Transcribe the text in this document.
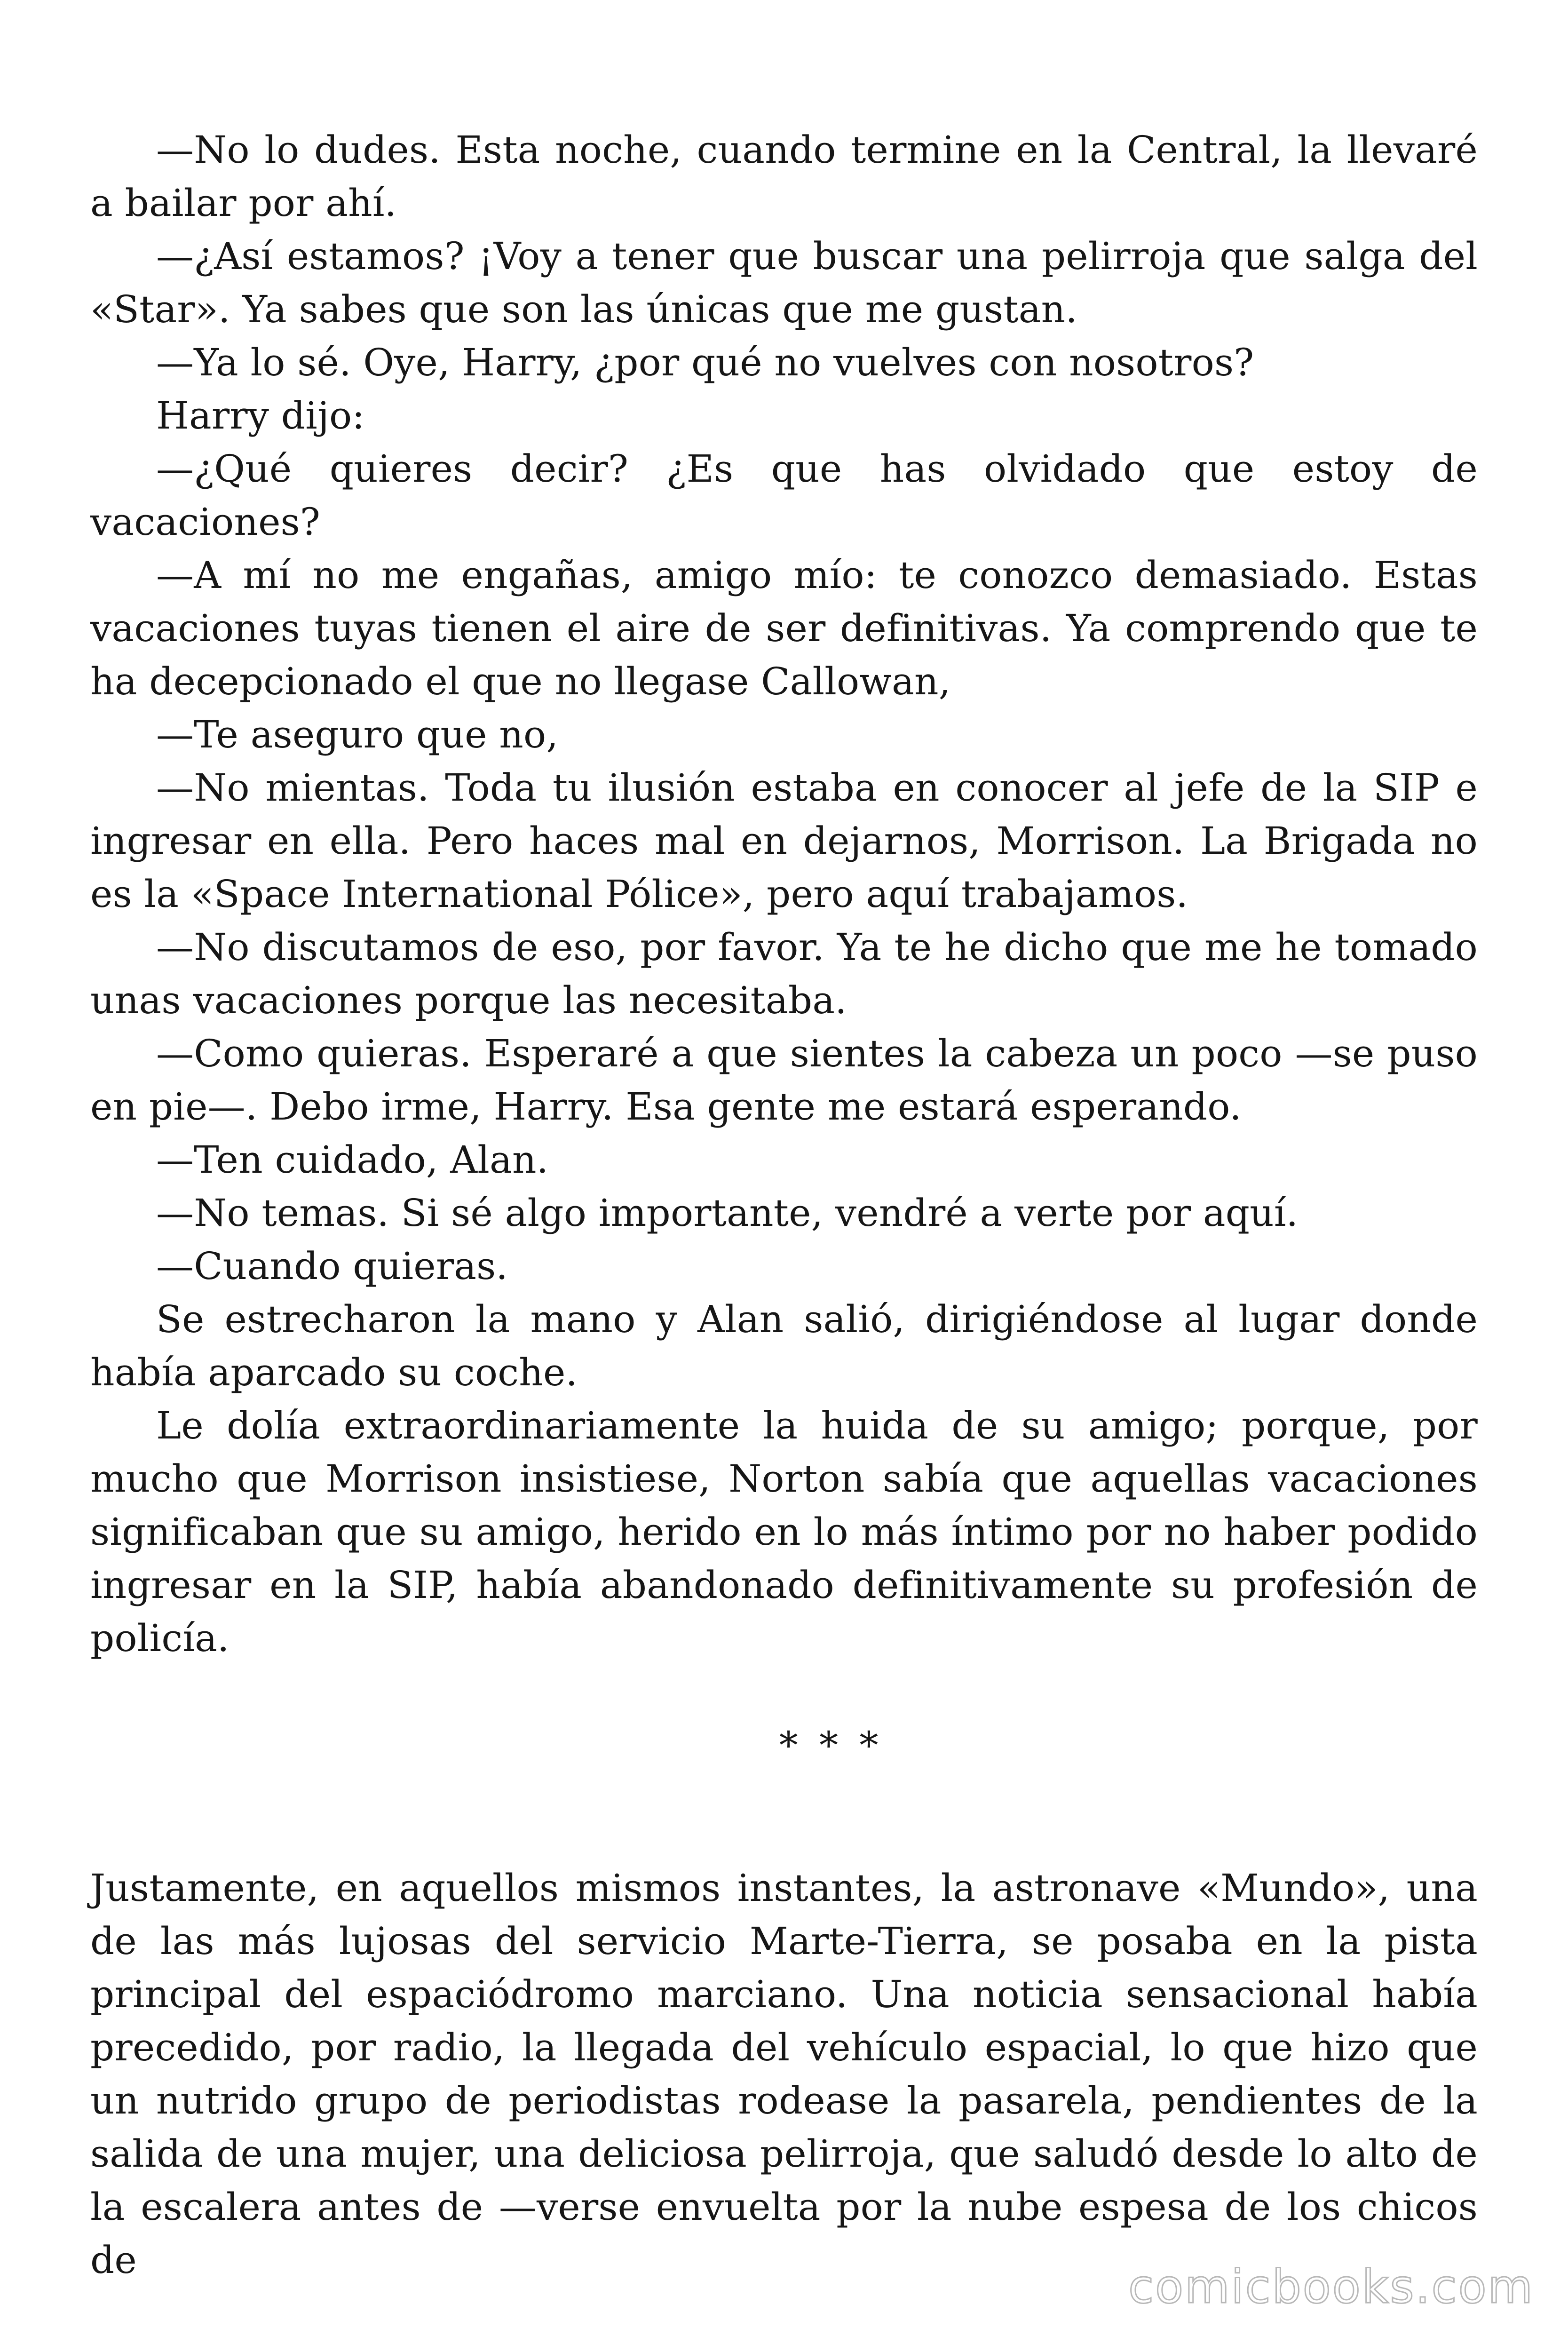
—No lo dudes. Esta noche, cuando termine en la Central, la llevaré a bailar por ahí.

—¿Así estamos? ¡Voy a tener que buscar una pelirroja que salga del «Star». Ya sabes que son las únicas que me gustan.

—Ya lo sé. Oye, Harry, ¿por qué no vuelves con nosotros?

Harry dijo:

—¿Qué quieres decir? ¿Es que has olvidado que estoy de vacaciones?

—A mí no me engañas, amigo mío: te conozco demasiado. Estas vacaciones tuyas tienen el aire de ser definitivas. Ya comprendo que te ha decepcionado el que no llegase Callowan,

—Te aseguro que no,

—No mientas. Toda tu ilusión estaba en conocer al jefe de la SIP e ingresar en ella. Pero haces mal en dejarnos, Morrison. La Brigada no es la «Space International Pólice», pero aquí trabajamos.

—No discutamos de eso, por favor. Ya te he dicho que me he tomado unas vacaciones porque las necesitaba.

—Como quieras. Esperaré a que sientes la cabeza un poco —se puso en pie—. Debo irme, Harry. Esa gente me estará esperando.

—Ten cuidado, Alan.

—No temas. Si sé algo importante, vendré a verte por aquí.

—Cuando quieras.

Se estrecharon la mano y Alan salió, dirigiéndose al lugar donde había aparcado su coche.

Le dolía extraordinariamente la huida de su amigo; porque, por mucho que Morrison insistiese, Norton sabía que aquellas vacaciones significaban que su amigo, herido en lo más íntimo por no haber podido ingresar en la SIP, había abandonado definitivamente su profesión de policía.

* * *

Justamente, en aquellos mismos instantes, la astronave «Mundo», una de las más lujosas del servicio Marte-Tierra, se posaba en la pista principal del espaciódromo marciano. Una noticia sensacional había precedido, por radio, la llegada del vehículo espacial, lo que hizo que un nutrido grupo de periodistas rodease la pasarela, pendientes de la salida de una mujer, una deliciosa pelirroja, que saludó desde lo alto de la escalera antes de —verse envuelta por la nube espesa de los chicos de

comicbooks.com
